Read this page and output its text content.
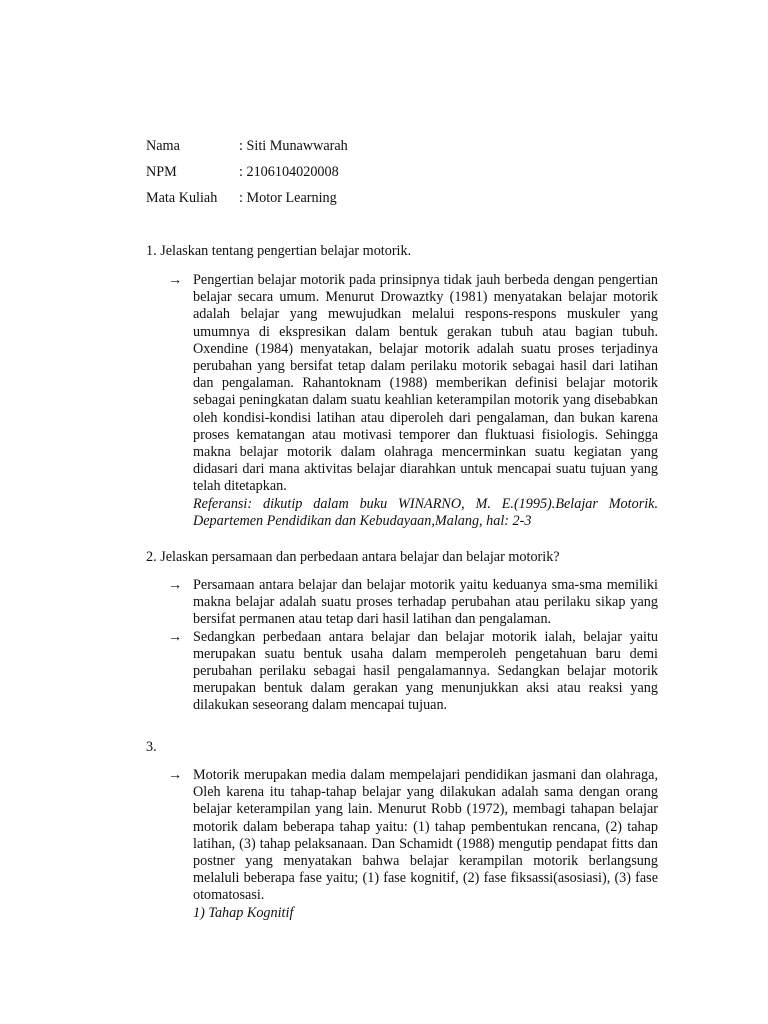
Nama	: Siti Munawwarah
NPM	: 2106104020008
Mata Kuliah	: Motor Learning
1. Jelaskan tentang pengertian belajar motorik.
→ Pengertian belajar motorik pada prinsipnya tidak jauh berbeda dengan pengertian belajar secara umum. Menurut Drowaztky (1981) menyatakan belajar motorik adalah belajar yang mewujudkan melalui respons-respons muskuler yang umumnya di ekspresikan dalam bentuk gerakan tubuh atau bagian tubuh. Oxendine (1984) menyatakan, belajar motorik adalah suatu proses terjadinya perubahan yang bersifat tetap dalam perilaku motorik sebagai hasil dari latihan dan pengalaman. Rahantoknam (1988) memberikan definisi belajar motorik sebagai peningkatan dalam suatu keahlian keterampilan motorik yang disebabkan oleh kondisi-kondisi latihan atau diperoleh dari pengalaman, dan bukan karena proses kematangan atau motivasi temporer dan fluktuasi fisiologis. Sehingga makna belajar motorik dalam olahraga mencerminkan suatu kegiatan yang didasari dari mana aktivitas belajar diarahkan untuk mencapai suatu tujuan yang telah ditetapkan.
Referansi: dikutip dalam buku WINARNO, M. E.(1995).Belajar Motorik. Departemen Pendidikan dan Kebudayaan,Malang, hal: 2-3
2. Jelaskan persamaan dan perbedaan antara belajar dan belajar motorik?
→ Persamaan antara belajar dan belajar motorik yaitu keduanya sma-sma memiliki makna belajar adalah suatu proses terhadap perubahan atau perilaku sikap yang bersifat permanen atau tetap dari hasil latihan dan pengalaman.
→ Sedangkan perbedaan antara belajar dan belajar motorik ialah, belajar yaitu merupakan suatu bentuk usaha dalam memperoleh pengetahuan baru demi perubahan perilaku sebagai hasil pengalamannya. Sedangkan belajar motorik merupakan bentuk dalam gerakan yang menunjukkan aksi atau reaksi yang dilakukan seseorang dalam mencapai tujuan.
3.
→ Motorik merupakan media dalam mempelajari pendidikan jasmani dan olahraga, Oleh karena itu tahap-tahap belajar yang dilakukan adalah sama dengan orang belajar keterampilan yang lain. Menurut Robb (1972), membagi tahapan belajar motorik dalam beberapa tahap yaitu: (1) tahap pembentukan rencana, (2) tahap latihan, (3) tahap pelaksanaan. Dan Schamidt (1988) mengutip pendapat fitts dan postner yang menyatakan bahwa belajar kerampilan motorik berlangsung melaluli beberapa fase yaitu; (1) fase kognitif, (2) fase fiksassi(asosiasi), (3) fase otomatosasi.
1) Tahap Kognitif
